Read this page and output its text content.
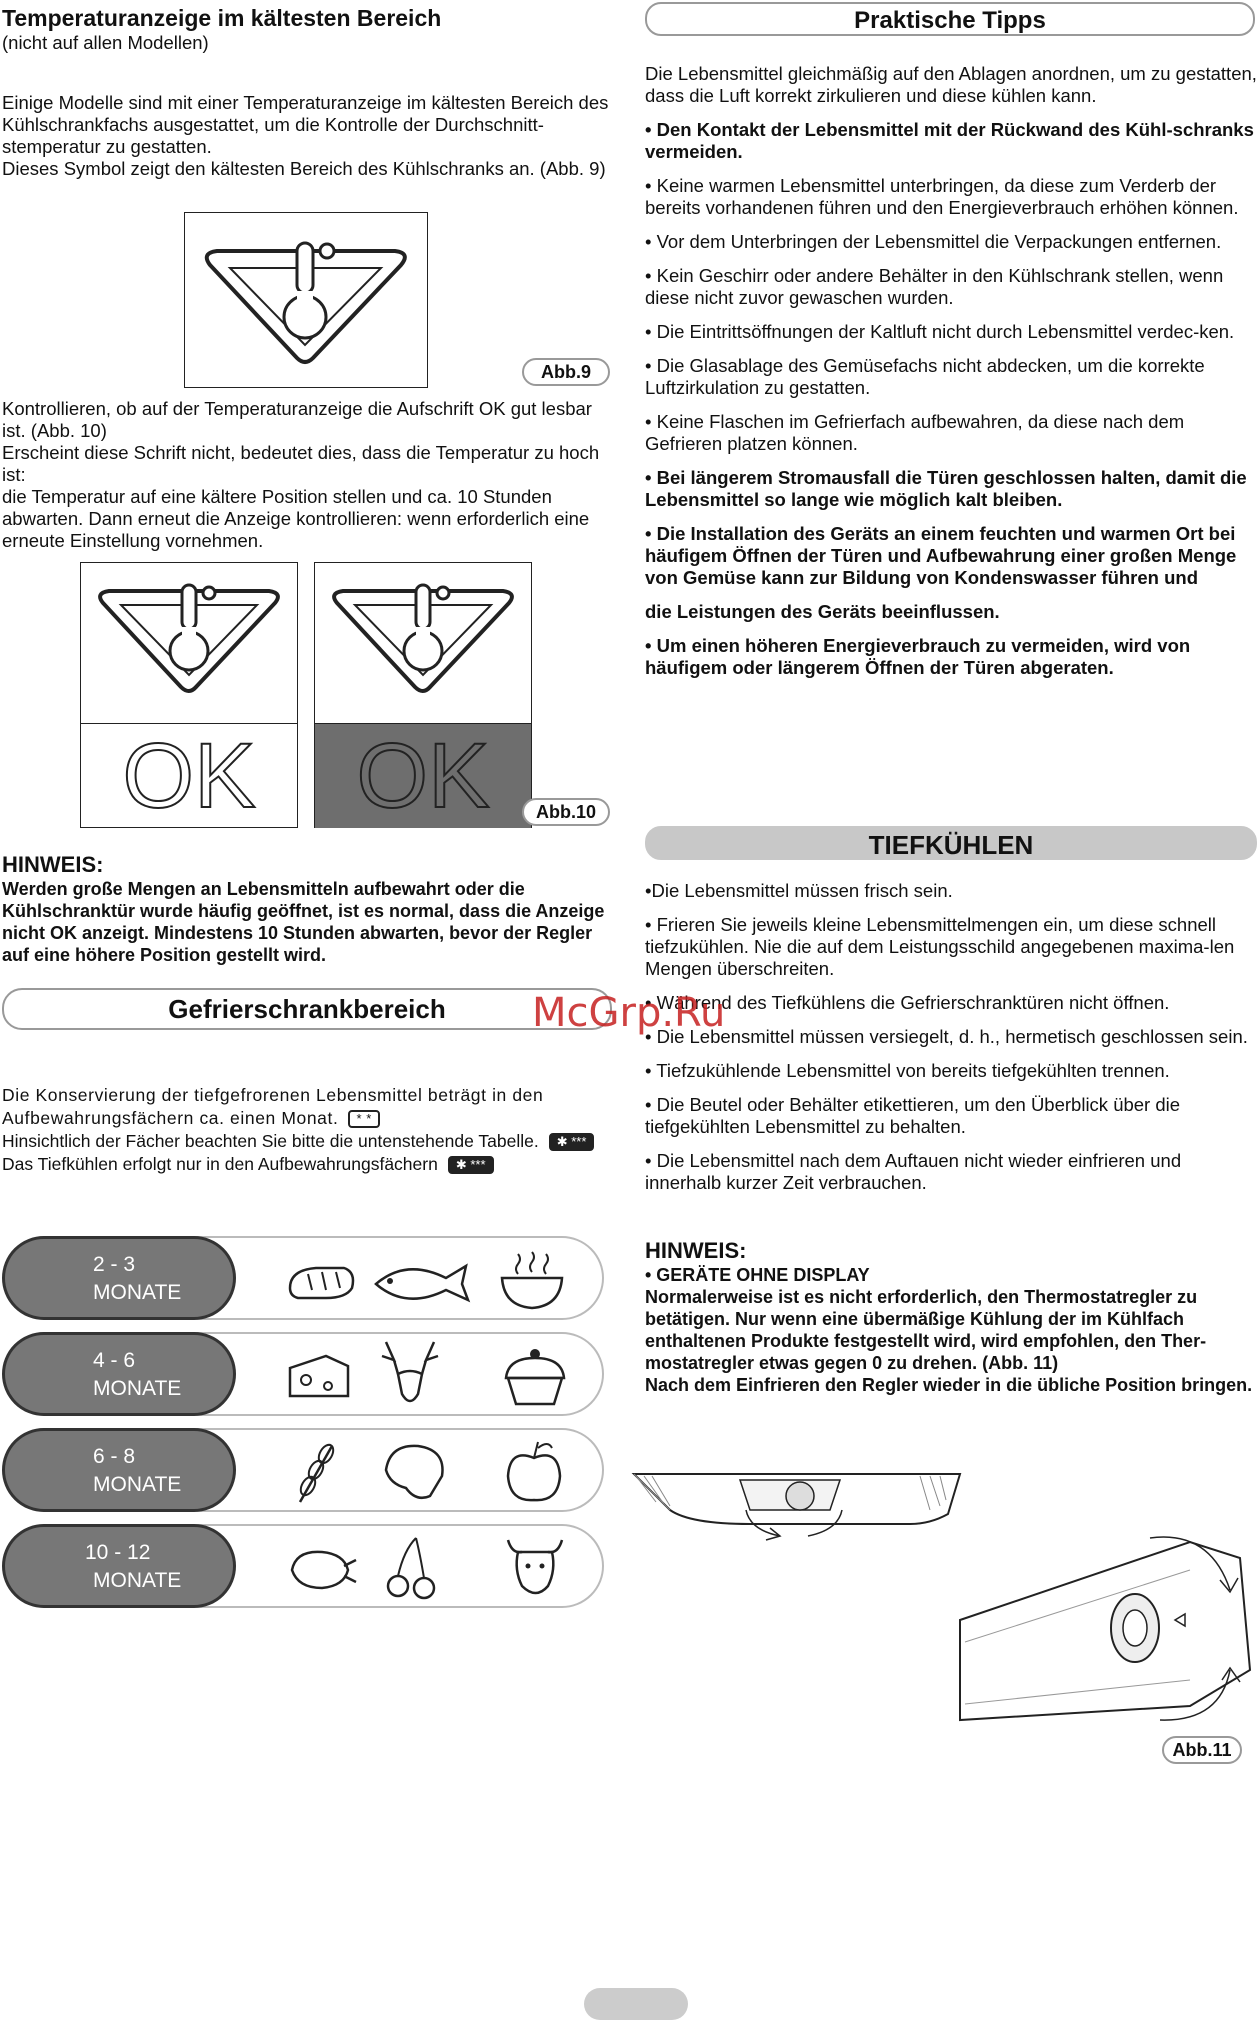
Temperaturanzeige im kältesten Bereich

(nicht auf allen Modellen)

Einige Modelle sind mit einer Temperaturanzeige im kältesten Bereich des Kühlschrankfachs ausgestattet, um die Kontrolle der Durchschnitt-stemperatur zu gestatten.

Dieses Symbol zeigt den kältesten Bereich des Kühlschranks an. (Abb. 9)

Abb.9

Kontrollieren, ob auf der Temperaturanzeige die Aufschrift OK gut lesbar ist. (Abb. 10)

Erscheint diese Schrift nicht, bedeutet dies, dass die Temperatur zu hoch ist:

die Temperatur auf eine kältere Position stellen und ca. 10 Stunden abwarten. Dann erneut die Anzeige kontrollieren: wenn erforderlich eine erneute Einstellung vornehmen.

OK	OK	Abb.10

HINWEIS:

Werden große Mengen an Lebensmitteln aufbewahrt oder die Kühlschranktür wurde häufig geöffnet, ist es normal, dass die Anzeige nicht OK anzeigt. Mindestens 10 Stunden abwarten, bevor der Regler auf eine höhere Position gestellt wird.

Gefrierschrankbereich

Die Konservierung der tiefgefrorenen Lebensmittel beträgt in den Aufbewahrungsfächern ca. einen Monat. * *

Hinsichtlich der Fächer beachten Sie bitte die untenstehende Tabelle. ✱ ***

Das Tiefkühlen erfolgt nur in den Aufbewahrungsfächern ✱ ***

2 - 3
MONATE
4 - 6
MONATE
6 - 8
MONATE
10 - 12
MONATE
Praktische Tipps

Die Lebensmittel gleichmäßig auf den Ablagen anordnen, um zu gestatten, dass die Luft korrekt zirkulieren und diese kühlen kann.

• Den Kontakt der Lebensmittel mit der Rückwand des Kühl-schranks vermeiden.

• Keine warmen Lebensmittel unterbringen, da diese zum Verderb der bereits vorhandenen führen und den Energieverbrauch erhöhen können.

• Vor dem Unterbringen der Lebensmittel die Verpackungen entfernen.

• Kein Geschirr oder andere Behälter in den Kühlschrank stellen, wenn diese nicht zuvor gewaschen wurden.

• Die Eintrittsöffnungen der Kaltluft nicht durch Lebensmittel verdec-ken.

• Die Glasablage des Gemüsefachs nicht abdecken, um die korrekte Luftzirkulation zu gestatten.

• Keine Flaschen im Gefrierfach aufbewahren, da diese nach dem Gefrieren platzen können.

• Bei längerem Stromausfall die Türen geschlossen halten, damit die Lebensmittel so lange wie möglich kalt bleiben.

• Die Installation des Geräts an einem feuchten und warmen Ort bei häufigem Öffnen der Türen und Aufbewahrung einer großen Menge von Gemüse kann zur Bildung von Kondenswasser führen und

die Leistungen des Geräts beeinflussen.

• Um einen höheren Energieverbrauch zu vermeiden, wird von häufigem oder längerem Öffnen der Türen abgeraten.

TIEFKÜHLEN

•Die Lebensmittel müssen frisch sein.

• Frieren Sie jeweils kleine Lebensmittelmengen ein, um diese schnell tiefzukühlen. Nie die auf dem Leistungsschild angegebenen maxima-len Mengen überschreiten.

• Während des Tiefkühlens die Gefrierschranktüren nicht öffnen.

• Die Lebensmittel müssen versiegelt, d. h., hermetisch geschlossen sein.

• Tiefzukühlende Lebensmittel von bereits tiefgekühlten trennen.

• Die Beutel oder Behälter etikettieren, um den Überblick über die tiefgekühlten Lebensmittel zu behalten.

• Die Lebensmittel nach dem Auftauen nicht wieder einfrieren und innerhalb kurzer Zeit verbrauchen.

HINWEIS:

• GERÄTE OHNE DISPLAY

Normalerweise ist es nicht erforderlich, den Thermostatregler zu betätigen. Nur wenn eine übermäßige Kühlung der im Kühlfach enthaltenen Produkte festgestellt wird, wird empfohlen, den Ther-mostatregler etwas gegen 0 zu drehen. (Abb. 11)

Nach dem Einfrieren den Regler wieder in die übliche Position bringen.

Abb.11
McGrp.Ru
